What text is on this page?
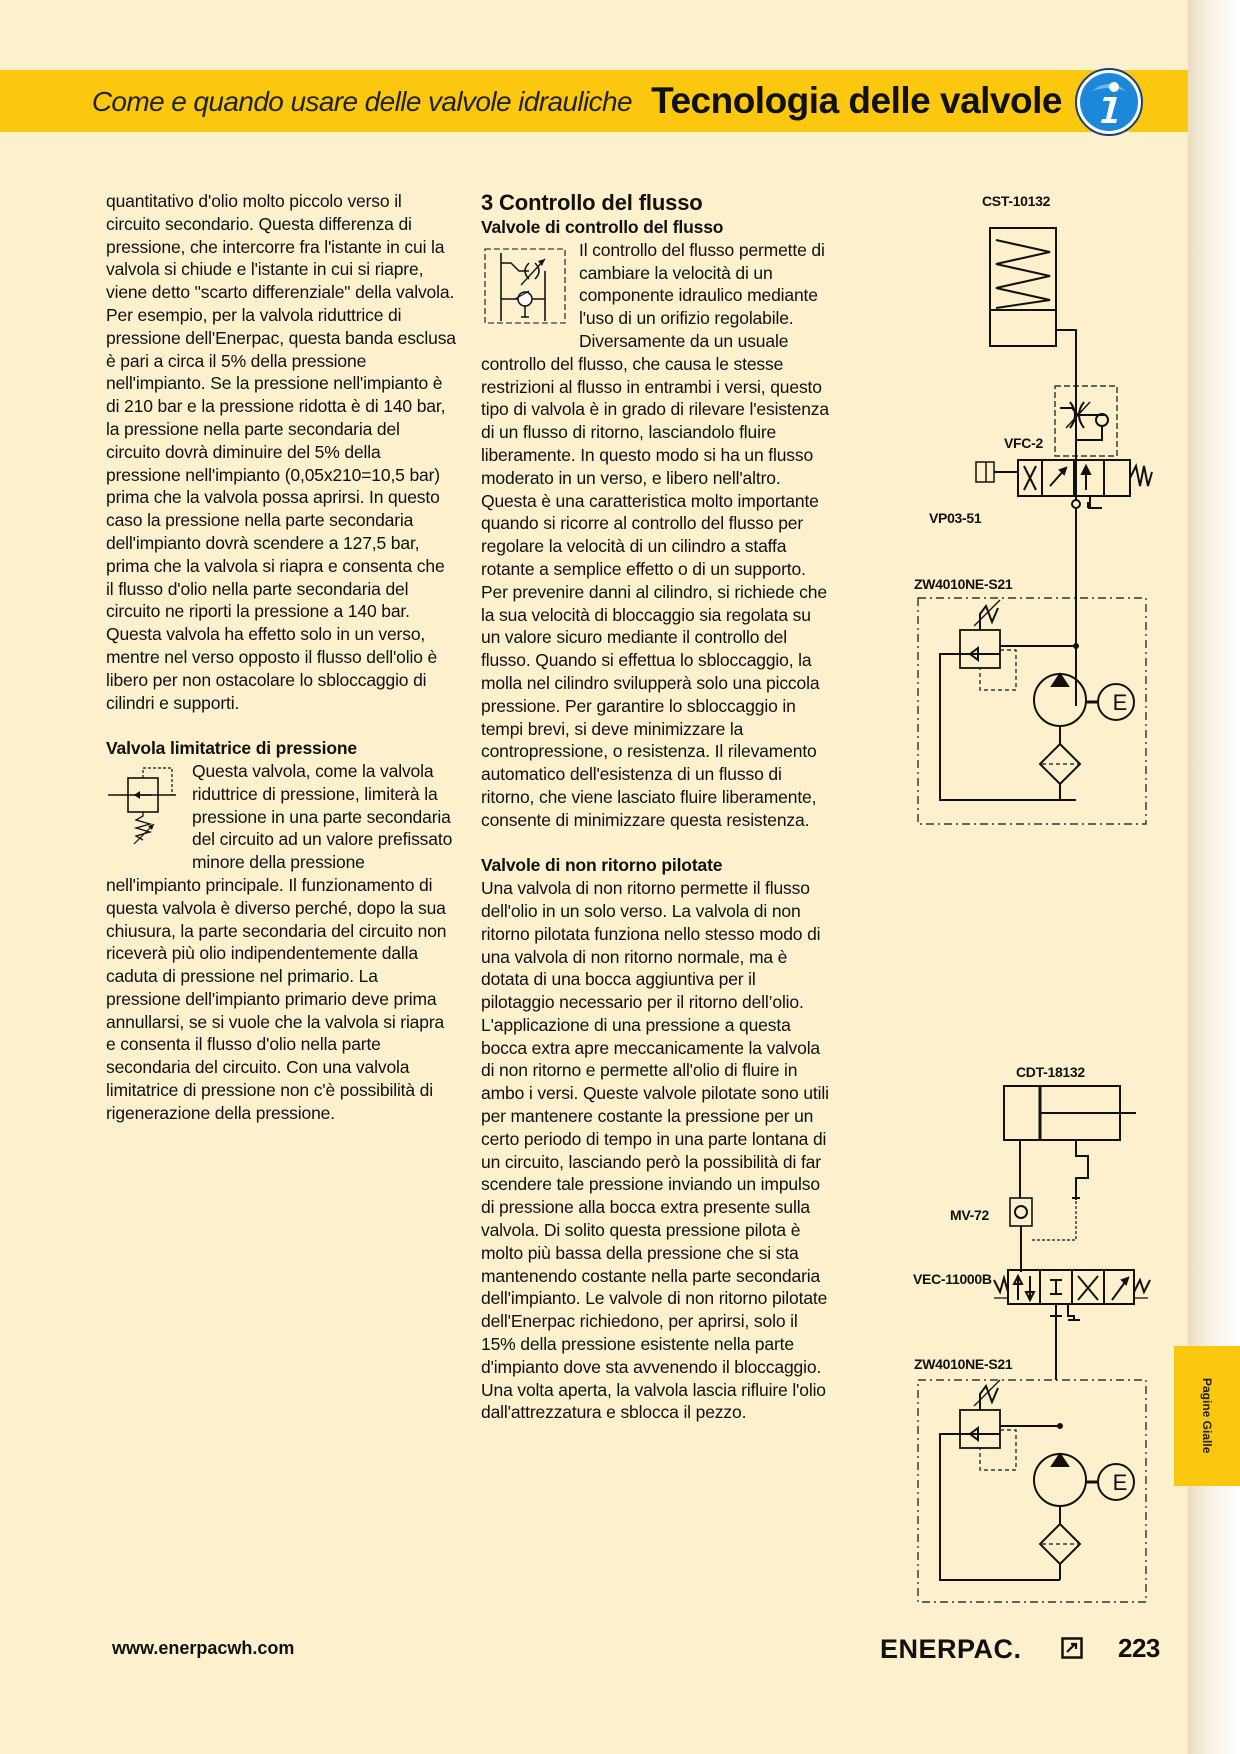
Come e quando usare delle valvole idrauliche Tecnologia delle valvole

quantitativo d'olio molto piccolo verso il circuito secondario. Questa differenza di pressione, che intercorre fra l'istante in cui la valvola si chiude e l'istante in cui si riapre, viene detto "scarto differenziale" della valvola. Per esempio, per la valvola riduttrice di pressione dell'Enerpac, questa banda esclusa è pari a circa il 5% della pressione nell'impianto. Se la pressione nell'impianto è di 210 bar e la pressione ridotta è di 140 bar, la pressione nella parte secondaria del circuito dovrà diminuire del 5% della pressione nell'impianto (0,05x210=10,5 bar) prima che la valvola possa aprirsi. In questo caso la pressione nella parte secondaria dell'impianto dovrà scendere a 127,5 bar, prima che la valvola si riapra e consenta che il flusso d'olio nella parte secondaria del circuito ne riporti la pressione a 140 bar. Questa valvola ha effetto solo in un verso, mentre nel verso opposto il flusso dell'olio è libero per non ostacolare lo sbloccaggio di cilindri e supporti.

Valvola limitatrice di pressione

Questa valvola, come la valvola riduttrice di pressione, limiterà la pressione in una parte secondaria del circuito ad un valore prefissato minore della pressione nell'impianto principale. Il funzionamento di questa valvola è diverso perché, dopo la sua chiusura, la parte secondaria del circuito non riceverà più olio indipendentemente dalla caduta di pressione nel primario. La pressione dell'impianto primario deve prima annullarsi, se si vuole che la valvola si riapra e consenta il flusso d'olio nella parte secondaria del circuito. Con una valvola limitatrice di pressione non c'è possibilità di rigenerazione della pressione.

3 Controllo del flusso

Valvole di controllo del flusso

Il controllo del flusso permette di cambiare la velocità di un componente idraulico mediante l'uso di un orifizio regolabile. Diversamente da un usuale controllo del flusso, che causa le stesse restrizioni al flusso in entrambi i versi, questo tipo di valvola è in grado di rilevare l'esistenza di un flusso di ritorno, lasciandolo fluire liberamente. In questo modo si ha un flusso moderato in un verso, e libero nell'altro. Questa è una caratteristica molto importante quando si ricorre al controllo del flusso per regolare la velocità di un cilindro a staffa rotante a semplice effetto o di un supporto. Per prevenire danni al cilindro, si richiede che la sua velocità di bloccaggio sia regolata su un valore sicuro mediante il controllo del flusso. Quando si effettua lo sbloccaggio, la molla nel cilindro svilupperà solo una piccola pressione. Per garantire lo sbloccaggio in tempi brevi, si deve minimizzare la contropressione, o resistenza. Il rilevamento automatico dell'esistenza di un flusso di ritorno, che viene lasciato fluire liberamente, consente di minimizzare questa resistenza.

Valvole di non ritorno pilotate

Una valvola di non ritorno permette il flusso dell'olio in un solo verso. La valvola di non ritorno pilotata funziona nello stesso modo di una valvola di non ritorno normale, ma è dotata di una bocca aggiuntiva per il pilotaggio necessario per il ritorno dell’olio. L'applicazione di una pressione a questa bocca extra apre meccanicamente la valvola di non ritorno e permette all'olio di fluire in ambo i versi. Queste valvole pilotate sono utili per mantenere costante la pressione per un certo periodo di tempo in una parte lontana di un circuito, lasciando però la possibilità di far scendere tale pressione inviando un impulso di pressione alla bocca extra presente sulla valvola. Di solito questa pressione pilota è molto più bassa della pressione che si sta mantenendo costante nella parte secondaria dell'impianto. Le valvole di non ritorno pilotate dell'Enerpac richiedono, per aprirsi, solo il 15% della pressione esistente nella parte d'impianto dove sta avvenendo il bloccaggio. Una volta aperta, la valvola lascia rifluire l'olio dall'attrezzatura e sblocca il pezzo.

CST-10132
VFC-2
VP03-51
ZW4010NE-S21
E
CDT-18132
MV-72
VEC-11000B
ZW4010NE-S21
E
Pagine Gialle
www.enerpacwh.com	ENERPAC.	223
